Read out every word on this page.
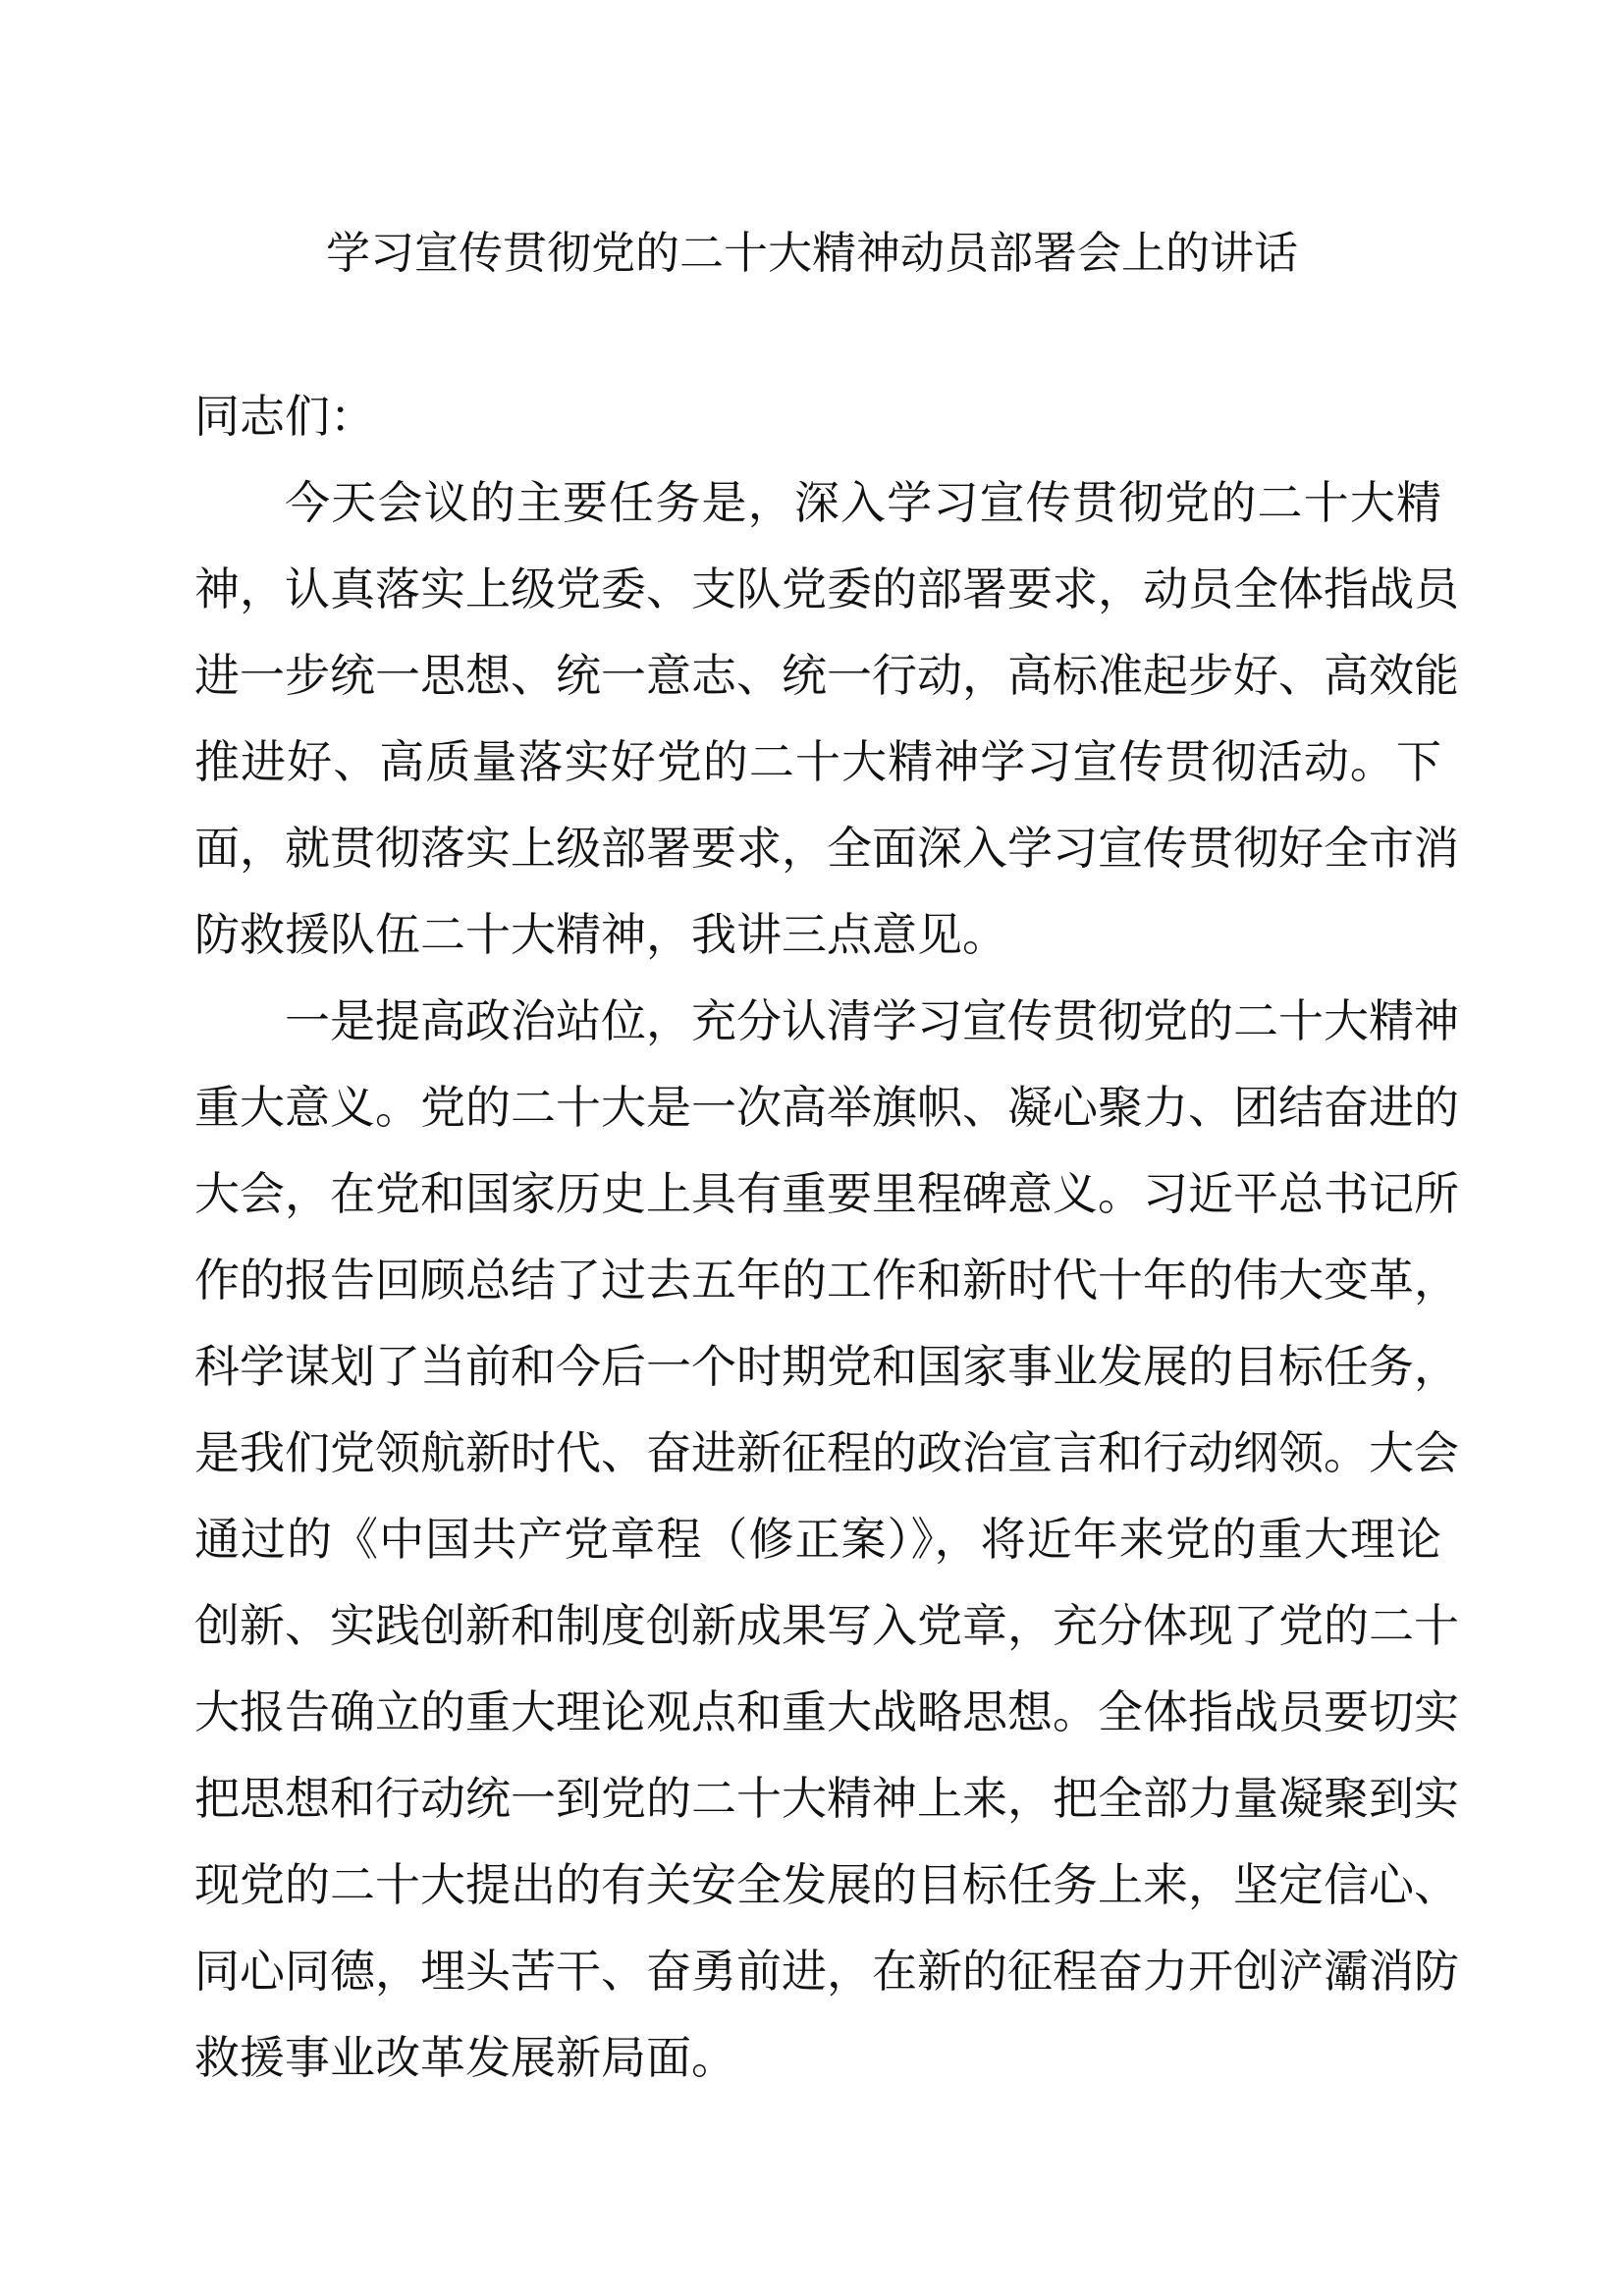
学习宣传贯彻党的二十大精神动员部署会上的讲话

同志们：

今天会议的主要任务是，深入学习宣传贯彻党的二十大精
神，认真落实上级党委、支队党委的部署要求，动员全体指战员
进一步统一思想、统一意志、统一行动，高标准起步好、高效能
推进好、高质量落实好党的二十大精神学习宣传贯彻活动。下
面，就贯彻落实上级部署要求，全面深入学习宣传贯彻好全市消
防救援队伍二十大精神，我讲三点意见。
一是提高政治站位，充分认清学习宣传贯彻党的二十大精神
重大意义。党的二十大是一次高举旗帜、凝心聚力、团结奋进的
大会，在党和国家历史上具有重要里程碑意义。习近平总书记所
作的报告回顾总结了过去五年的工作和新时代十年的伟大变革，
科学谋划了当前和今后一个时期党和国家事业发展的目标任务，
是我们党领航新时代、奋进新征程的政治宣言和行动纲领。大会
通过的《中国共产党章程（修正案）》，将近年来党的重大理论
创新、实践创新和制度创新成果写入党章，充分体现了党的二十
大报告确立的重大理论观点和重大战略思想。全体指战员要切实
把思想和行动统一到党的二十大精神上来，把全部力量凝聚到实
现党的二十大提出的有关安全发展的目标任务上来，坚定信心、
同心同德，埋头苦干、奋勇前进，在新的征程奋力开创浐灞消防
救援事业改革发展新局面。
